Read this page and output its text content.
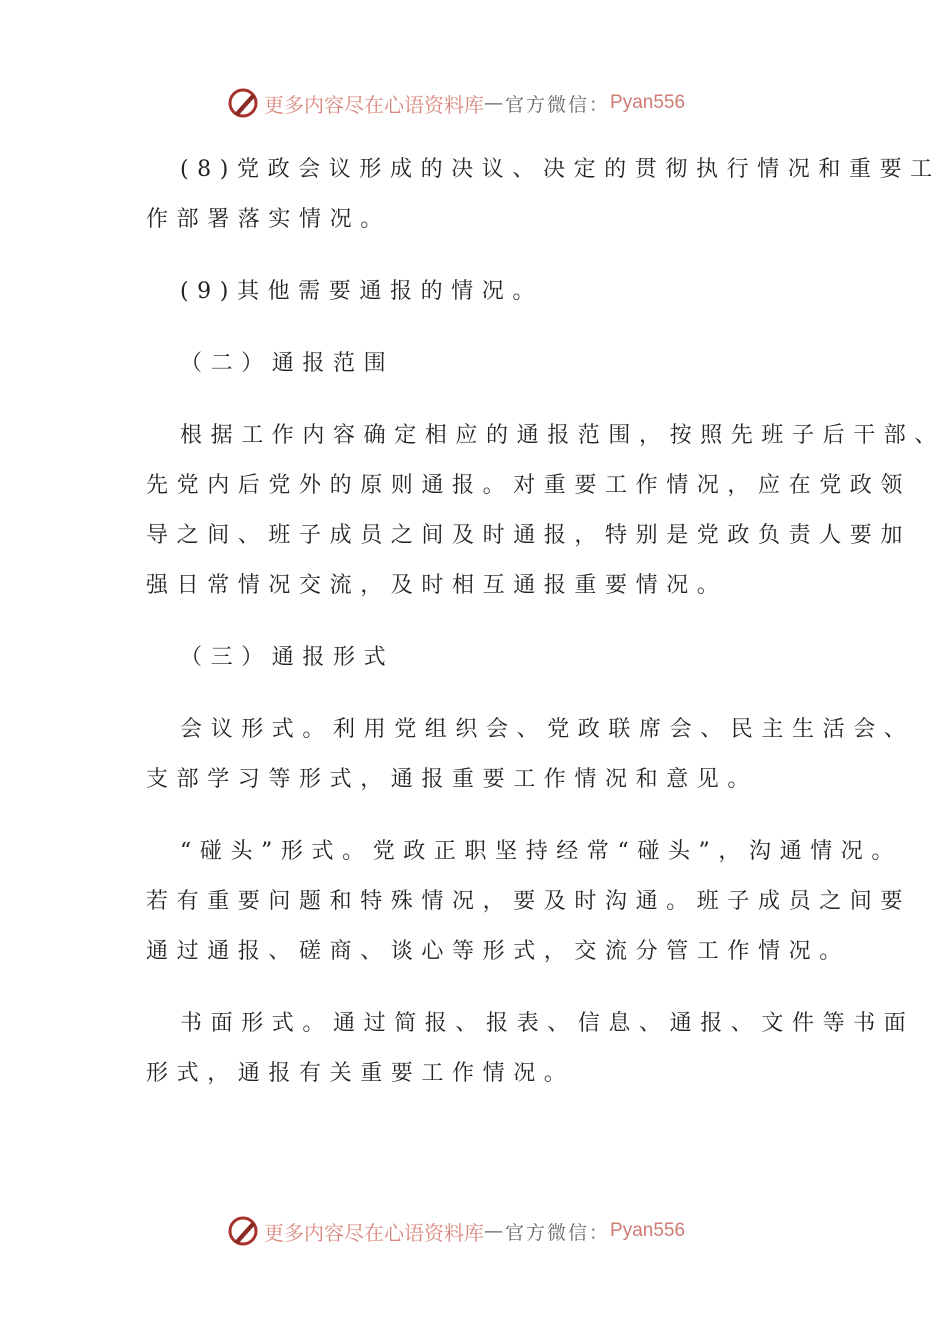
更多内容尽在心语资料库 — 官方微信： Pyan556
(8)党政会议形成的决议、决定的贯彻执行情况和重要工
作部署落实情况。
(9)其他需要通报的情况。
（二）通报范围
根据工作内容确定相应的通报范围，按照先班子后干部、
先党内后党外的原则通报。对重要工作情况，应在党政领
导之间、班子成员之间及时通报，特别是党政负责人要加
强日常情况交流，及时相互通报重要情况。
（三）通报形式
会议形式。利用党组织会、党政联席会、民主生活会、
支部学习等形式，通报重要工作情况和意见。
“碰头”形式。党政正职坚持经常“碰头”，沟通情况。
若有重要问题和特殊情况，要及时沟通。班子成员之间要
通过通报、磋商、谈心等形式，交流分管工作情况。
书面形式。通过简报、报表、信息、通报、文件等书面
形式，通报有关重要工作情况。
更多内容尽在心语资料库 — 官方微信： Pyan556
